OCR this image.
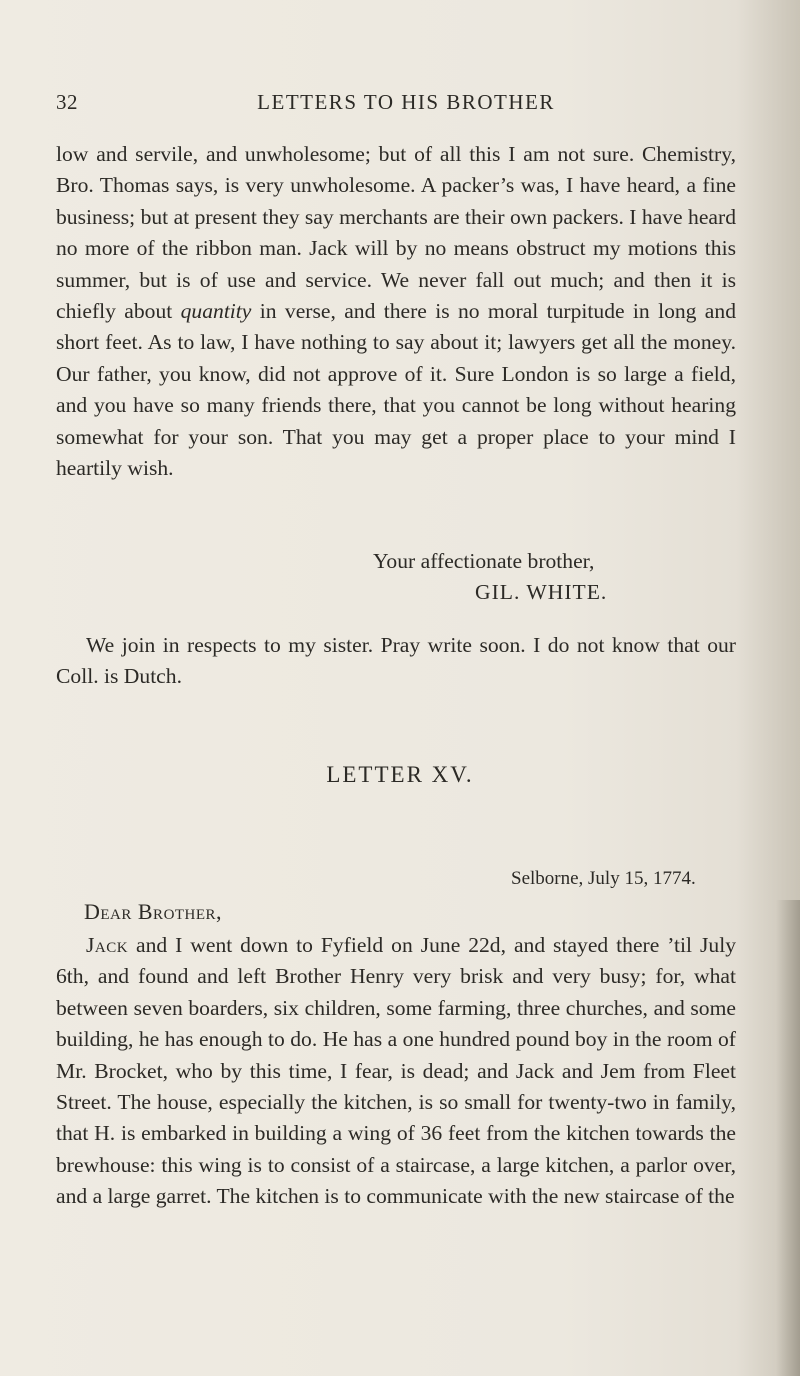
32	LETTERS TO HIS BROTHER

low and servile, and unwholesome; but of all this I am not sure. Chemistry, Bro. Thomas says, is very unwholesome. A packer’s was, I have heard, a fine business; but at present they say merchants are their own packers. I have heard no more of the ribbon man. Jack will by no means obstruct my motions this summer, but is of use and service. We never fall out much; and then it is chiefly about quantity in verse, and there is no moral turpitude in long and short feet. As to law, I have nothing to say about it; lawyers get all the money. Our father, you know, did not approve of it. Sure London is so large a field, and you have so many friends there, that you cannot be long without hearing somewhat for your son. That you may get a proper place to your mind I heartily wish.

Your affectionate brother,
GIL. WHITE.

We join in respects to my sister. Pray write soon. I do not know that our Coll. is Dutch.

LETTER XV.
Selborne, July 15, 1774.
Dear Brother,

Jack and I went down to Fyfield on June 22d, and stayed there ’til July 6th, and found and left Brother Henry very brisk and very busy; for, what between seven boarders, six children, some farming, three churches, and some building, he has enough to do. He has a one hundred pound boy in the room of Mr. Brocket, who by this time, I fear, is dead; and Jack and Jem from Fleet Street. The house, especially the kitchen, is so small for twenty-two in family, that H. is embarked in building a wing of 36 feet from the kitchen towards the brewhouse: this wing is to consist of a staircase, a large kitchen, a parlor over, and a large garret. The kitchen is to communicate with the new staircase of the
